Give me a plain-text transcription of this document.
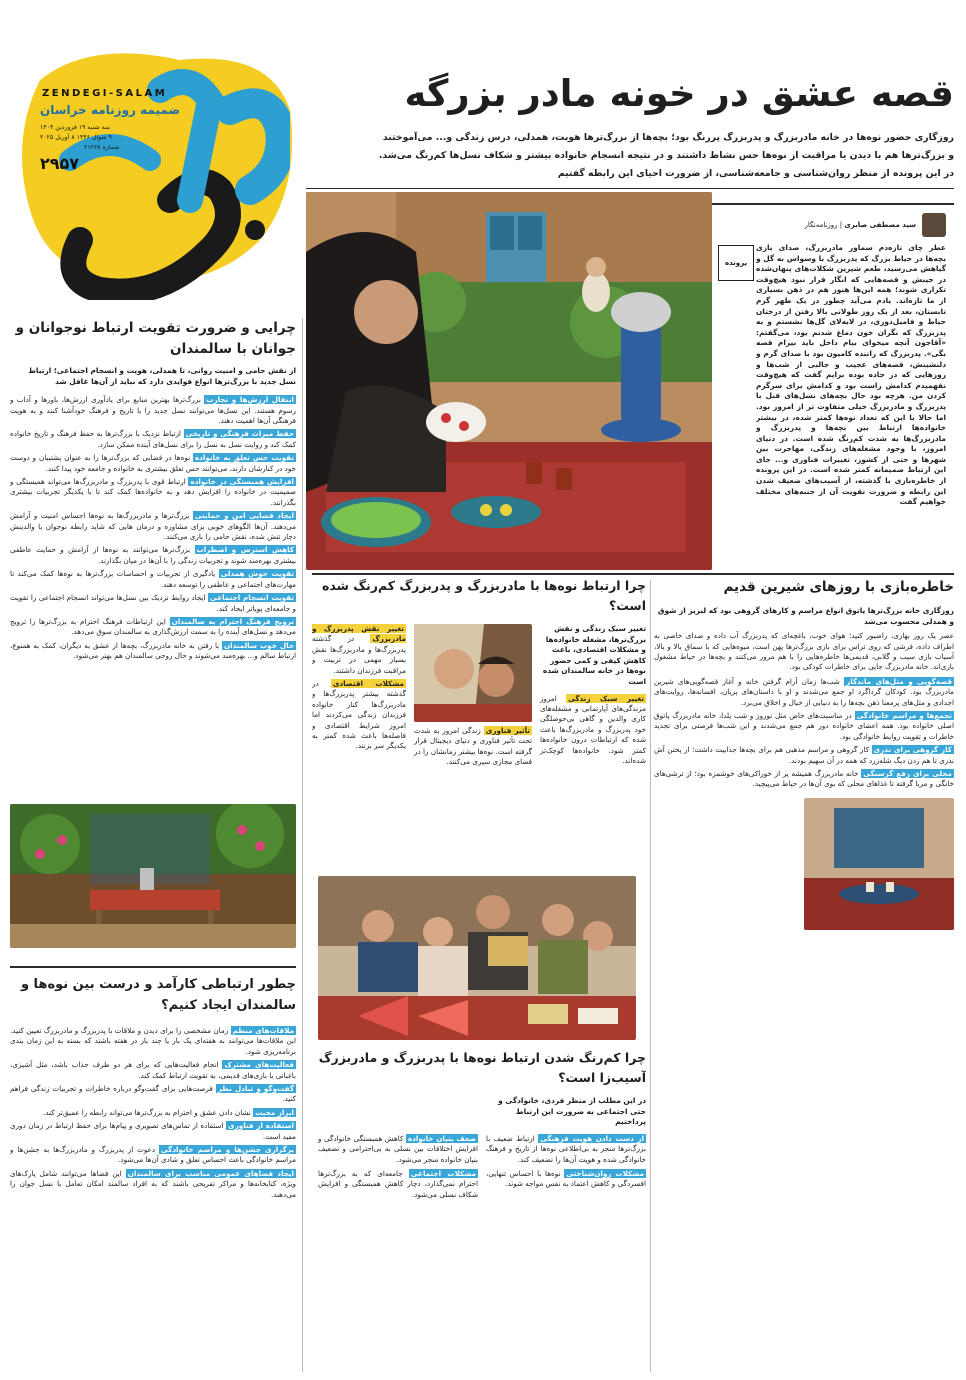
ZENDEGI-SALAM
ضمیمه روزنامه خراسان
سه شنبه ۱۹ فروردین ۱۴۰۴
۹ شوال ۱۴۴۶ ۸ آوریل ۲۰۲۵
شماره ۲۱۲۲۸
۲۹۵۷
قصه عشق در خونه مادر بزرگه
روزگاری حضور نوه‌ها در خانه مادربزرگ و پدربزرگ پررنگ بود؛ بچه‌ها از بزرگ‌ترها هویت، همدلی، درس زندگی و... می‌آموختند
و بزرگ‌ترها هم با دیدن یا مراقبت از نوه‌ها حس نشاط داشتند و در نتیجه انسجام خانواده بیشتر و شکاف نسل‌ها کم‌رنگ می‌شد.
در این پرونده از منظر روان‌شناسی و جامعه‌شناسی، از ضرورت احیای این رابطه گفتیم
سید مصطفی صابری | روزنامه‌نگار
پرونده
عطر چای تازه‌دم سماور مادربزرگ، صدای بازی بچه‌ها در حیاط بزرگ که پدربزرگ با وسواس به گل و گیاهش می‌رسید، طعم شیرین شکلات‌های پنهان‌شده در جیبش و قصه‌هایی که انگار قرار نبود هیچ‌وقت تکراری شوند؛ همه این‌ها هنوز هم در ذهن بسیاری از ما تازه‌اند. یادم می‌آید چطور در یک ظهر گرم تابستان، بعد از یک روز طولانی بالا رفتن از درختان حیاط و فامیل‌دوری، در لابه‌لای گل‌ها نشستم و به پدربزرگ که نگران خون دماغ شدنم بود، می‌گفتم: «آقاجون آنچه میخوای بیام داخل باید بیرام قصه بگی». پدربزرگ که راننده کامیون بود با صدای گرم و دلنشینش، قصه‌های عجیب و جالبی از شب‌ها و روزهایی که در جاده بوده برایم گفت که هیچ‌وقت نفهمیدم کدامش راست بود و کدامش برای سرگرم کردن من. هرچه بود حال بچه‌های نسل‌های قبل با پدربزرگ و مادربزرگ خیلی متفاوت تر از امروز بود. اما حالا با این که تعداد نوه‌ها کمتر شده، در بیشتر خانواده‌ها ارتباط بین بچه‌ها و پدربزرگ و مادربزرگ‌ها به شدت کم‌رنگ شده است. در دنیای امروز، با وجود مشغله‌های زندگی، مهاجرت بین شهرها و حتی از کشور، تغییرات فناوری و... جای این ارتباط صمیمانه کمتر شده است. در این پرونده از خاطره‌بازی با گذشته، از آسیب‌های ضعیف شدن این رابطه و ضرورت تقویت آن از جنبه‌های مختلف خواهیم گفت
چرایی و ضرورت تقویت ارتباط نوجوانان و جوانان با سالمندان
از نقش حامی و امنیت روانی، تا همدلی، هویت و انسجام اجتماعی؛ ارتباط نسل جدید با بزرگ‌ترها انواع فوایدی دارد که نباید از آن‌ها غافل شد
انتقال ارزش‌ها و تجارب بزرگ‌ترها بهترین منابع برای یادآوری ارزش‌ها، باورها و آداب و رسوم هستند. این نسل‌ها می‌توانند نسل جدید را با تاریخ و فرهنگ خودآشنا کنند و به هویت فرهنگی آن‌ها اهمیت دهند.
حفظ میراث فرهنگی و تاریخی ارتباط نزدیک با بزرگ‌ترها به حفظ فرهنگ و تاریخ خانواده کمک کند و روایت نسل به نسل را برای نسل‌های آینده ممکن سازد.
تقویت حس تعلق به خانواده نوه‌ها در فضایی که بزرگ‌ترها را به عنوان پشتیبان و دوست خود در کنارشان دارند، می‌توانند حس تعلق بیشتری به خانواده و جامعه خود پیدا کنند.
افزایش همبستگی در خانواده ارتباط قوی با پدربزرگ و مادربزرگ‌ها می‌تواند همبستگی و صمیمیت در خانواده را افزایش دهد و به خانواده‌ها کمک کند تا با یکدیگر تجربیات بیشتری بگذرانند.
ایجاد فضایی امن و حمایتی بزرگ‌ترها و مادربزرگ‌ها به نوه‌ها احساس امنیت و آرامش می‌دهند. آن‌ها الگوهای خوبی برای مشاوره و درمان هایی که شاید رابطه نوجوان با والدینش دچار تنش شده، نقش حامی را بازی می‌کنند.
کاهش استرس و اضطراب بزرگ‌ترها می‌توانند به نوه‌ها از آرامش و حمایت عاطفی بیشتری بهره‌مند شوند و تجربیات زندگی را با آن‌ها در میان بگذارند.
تقویت حوش همدلی یادگیری از تجربیات و احساسات بزرگ‌ترها به نوه‌ها کمک می‌کند تا مهارت‌های اجتماعی و عاطفی را توسعه دهند.
تقویت انسجام اجتماعی ایجاد روابط نزدیک بین نسل‌ها می‌تواند انسجام اجتماعی را تقویت و جامعه‌ای پویاتر ایجاد کند.
ترویج فرهنگ احترام به سالمندان این ارتباطات فرهنگ احترام به بزرگ‌ترها را ترویج می‌دهد و نسل‌های آینده را به سمت ارزش‌گذاری به سالمندان سوق می‌دهد.
حال خوب سالمندان با رفتن به خانه مادربزرگ، بچه‌ها از عشق به دیگران، کمک به همنوع، ارتباط سالم و... بهره‌مند می‌شوند و حال روحی سالمندان هم بهتر می‌شود.
چطور ارتباطی کارآمد و درست بین نوه‌ها و سالمندان ایجاد کنیم؟
ملاقات‌های منظم زمان مشخصی را برای دیدن و ملاقات با پدربزرگ و مادربزرگ تعیین کنید. این ملاقات‌ها می‌توانند به هفته‌ای یک بار یا چند بار در هفته باشند که بسته به این زمان بندی برنامه‌ریزی شود.
فعالیت‌های مشترک انجام فعالیت‌هایی که برای هر دو طرف جذاب باشد، مثل آشپزی، باغبانی یا بازی‌های قدیمی، به تقویت ارتباط کمک کند.
گفت‌وگو و تبادل نظر فرصت‌هایی برای گفت‌وگو درباره خاطرات و تجربیات زندگی فراهم کنید.
ابراز محبت نشان دادن عشق و احترام به بزرگ‌ترها می‌تواند رابطه را عمیق‌تر کند.
استفاده از فناوری استفاده از تماس‌های تصویری و پیام‌ها برای حفظ ارتباط در زمان دوری مفید است.
برگزاری جشن‌ها و مراسم خانوادگی دعوت از پدربزرگ و مادربزرگ‌ها به جشن‌ها و مراسم خانوادگی باعث احساس تعلق و شادی آن‌ها می‌شود.
ایجاد فضاهای عمومی مناسب برای سالمندان این فضاها می‌توانند شامل پارک‌های ویژه، کتابخانه‌ها و مراکز تفریحی باشند که به افراد سالمند امکان تعامل با نسل جوان را می‌دهند.
چرا ارتباط نوه‌ها با مادربزرگ و پدربزرگ کم‌رنگ شده است؟
تغییر سبک زندگی و نقش بزرگ‌ترها، مشغله خانواده‌ها و مشکلات اقتصادی، باعث کاهش کیفی و کمی حضور نوه‌ها در خانه سالمندان شده است
تغییر سبک زندگی امروز مزندگی‌های آپارتمانی و مشغله‌های کاری والدین و گاهی بی‌حوصلگی خود پدربزرگ و مادربزرگ‌ها باعث شده که ارتباطات درون خانواده‌ها کمتر شود. خانواده‌ها کوچک‌تر شده‌اند.
تأثیر فناوری زندگی امروز به شدت تحت تأثیر فناوری و دنیای دیجیتال قرار گرفته است. نوه‌ها بیشتر زمانشان را در فضای مجازی سپری می‌کنند.
تغییر نقش پدربزرگ و مادربزرگ در گذشته پدربزرگ‌ها و مادربزرگ‌ها نقش بسیار مهمی در تربیت و مراقبت فرزندان داشتند.
مشکلات اقتصادی در گذشته بیشتر پدربزرگ‌ها و مادربزرگ‌ها کنار خانواده فرزندان زندگی می‌کردند اما امروز شرایط اقتصادی و فاصله‌ها باعث شده کمتر به یکدیگر سر بزنند.
چرا کم‌رنگ شدن ارتباط نوه‌ها با پدربزرگ و مادربزرگ آسیب‌زا است؟
در این مطلب از منظر فردی، خانوادگی و حتی اجتماعی به ضرورت این ارتباط پرداختیم
از دست دادن هویت فرهنگی ارتباط ضعیف با بزرگ‌ترها منجر به بی‌اطلاعی نوه‌ها از تاریخ و فرهنگ خانوادگی شده و هویت آن‌ها را تضعیف کند.
مشکلات روان‌شناختی نوه‌ها با احساس تنهایی، افسردگی و کاهش اعتماد به نفس مواجه شوند.
صعف بنیان خانواده کاهش همبستگی خانوادگی و افزایش اختلافات بین نسلی به بی‌احترامی و تضعیف بنیان خانواده منجر می‌شود.
مشکلات اجتماعی جامعه‌ای که به بزرگ‌ترها احترام نمی‌گذارد، دچار کاهش همبستگی و افزایش شکاف نسلی می‌شود.
خاطره‌بازی با روزهای شیرین قدیم
روزگاری خانه بزرگ‌ترها پاتوق انواع مراسم و کارهای گروهی بود که لبریز از شوق و همدلی محسوب می‌شد
عصر یک روز بهاری، راضیور کنید؛ هوای خوب، باغچه‌ای که پدربزرگ آب داده و صدای خاصی به اطراف داده، فرشی که روی تراس برای بازی بزرگ‌ترها پهن است، میوه‌هایی که با سماق بالا و بالا، آسیاب بازی سیب و گلابی، قدیمی‌ها خاطره‌هایی را با هم مرور می‌کنند و بچه‌ها در حیاط مشغول بازی‌اند. خانه مادربزرگ جایی برای خاطرات کودکی بود.
قصه‌گویی و مثل‌های ماندگار شب‌ها زمان آرام گرفتن خانه و آغاز قصه‌گویی‌های شیرین مادربزرگ بود. کودکان گرداگرد او جمع می‌شدند و او با داستان‌های پریان، افسانه‌ها، روایت‌های اجدادی و مثل‌های پرمعنا ذهن بچه‌ها را به دنیایی از خیال و اخلاق می‌برد.
تجمع‌ها و مراسم خانوادگی در مناسبت‌های خاص مثل نوروز و شب یلدا، خانه مادربزرگ پاتوق اصلی خانواده بود. همه اعضای خانواده دور هم جمع می‌شدند و این شب‌ها فرصتی برای تجدید خاطرات و تقویت روابط خانوادگی بود.
کار گروهی برای نذری کار گروهی و مراسم مذهبی هم برای بچه‌ها جذابیت داشت؛ از پختن آش نذری تا هم زدن دیگ شله‌زرد که همه در آن سهیم بودند.
محلی برای رفع گرسنگی خانه مادربزرگ همیشه پر از خوراکی‌های خوشمزه بود؛ از ترشی‌های خانگی و مربا گرفته تا غذاهای محلی که بوی آن‌ها در حیاط می‌پیچید.
